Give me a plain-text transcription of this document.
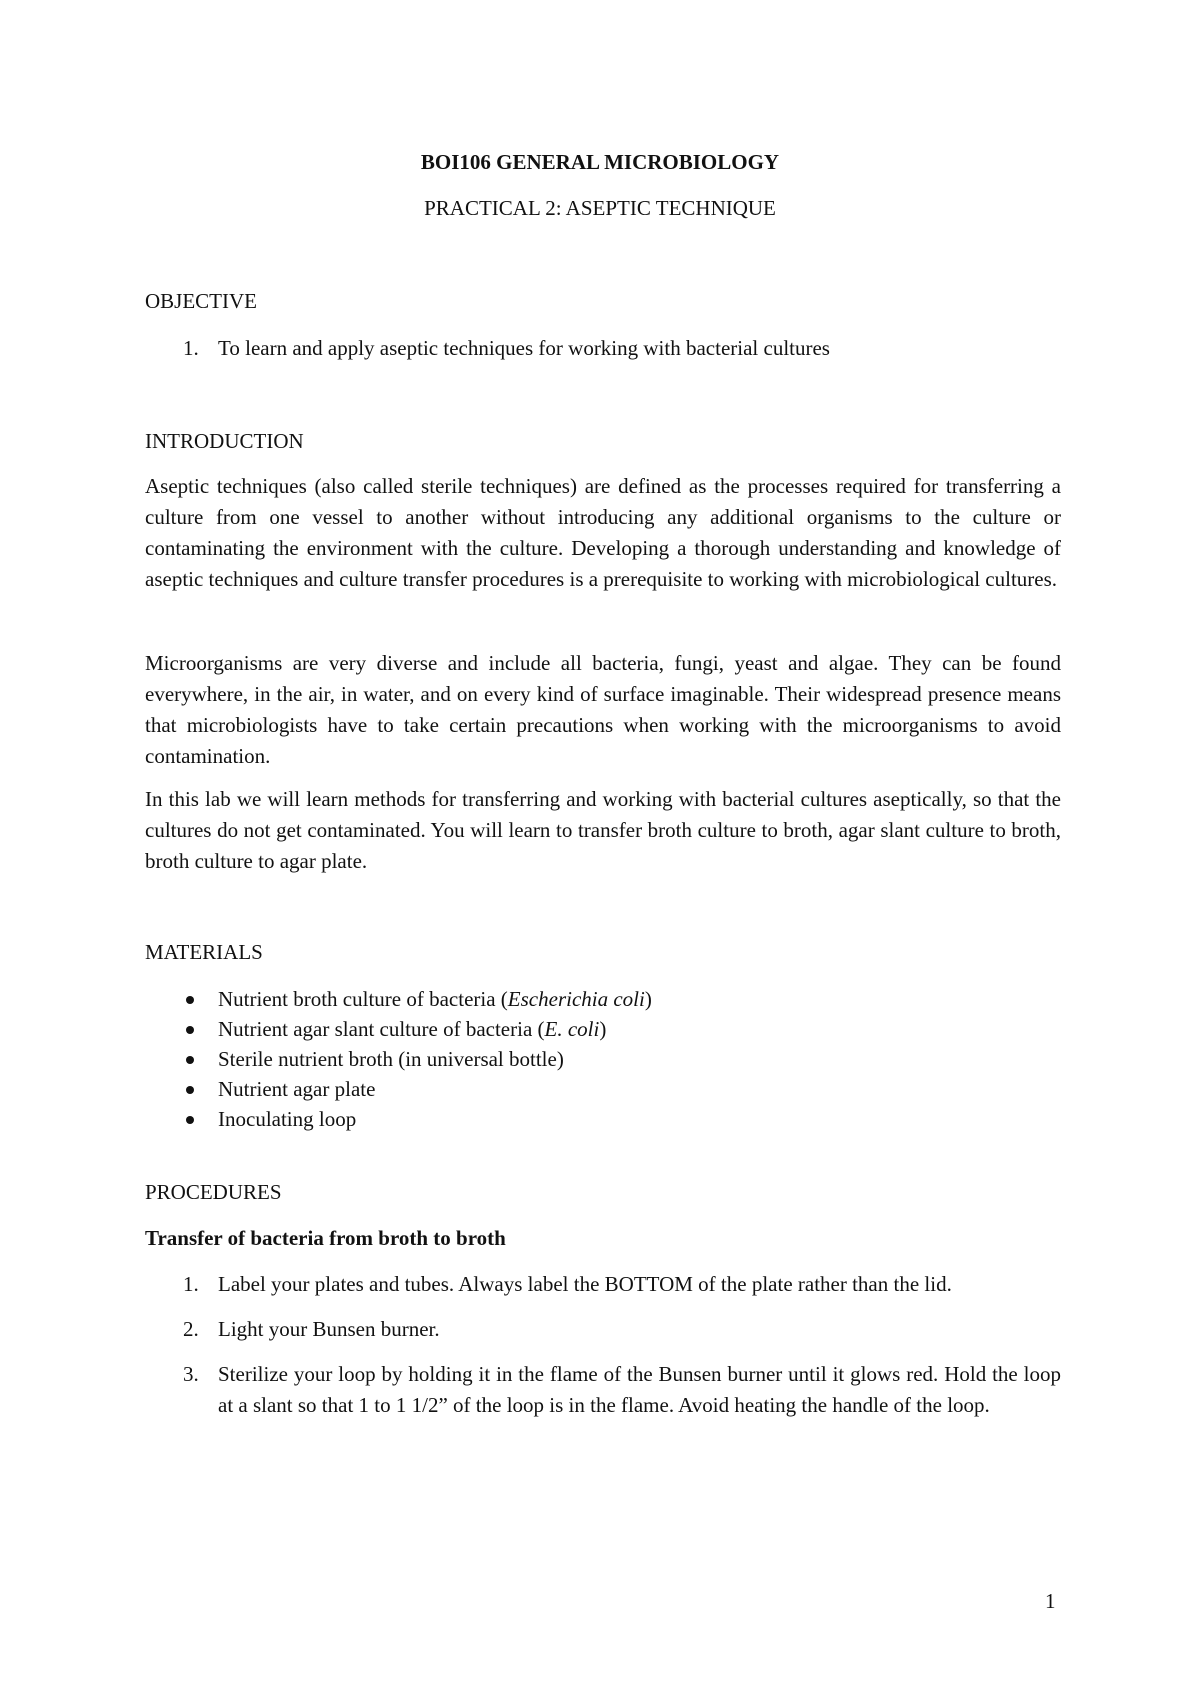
BOI106 GENERAL MICROBIOLOGY
PRACTICAL 2: ASEPTIC TECHNIQUE
OBJECTIVE
1. To learn and apply aseptic techniques for working with bacterial cultures
INTRODUCTION
Aseptic techniques (also called sterile techniques) are defined as the processes required for transferring a culture from one vessel to another without introducing any additional organisms to the culture or contaminating the environment with the culture. Developing a thorough understanding and knowledge of aseptic techniques and culture transfer procedures is a prerequisite to working with microbiological cultures.
Microorganisms are very diverse and include all bacteria, fungi, yeast and algae. They can be found everywhere, in the air, in water, and on every kind of surface imaginable. Their widespread presence means that microbiologists have to take certain precautions when working with the microorganisms to avoid contamination.
In this lab we will learn methods for transferring and working with bacterial cultures aseptically, so that the cultures do not get contaminated. You will learn to transfer broth culture to broth, agar slant culture to broth, broth culture to agar plate.
MATERIALS
Nutrient broth culture of bacteria (Escherichia coli)
Nutrient agar slant culture of bacteria (E. coli)
Sterile nutrient broth (in universal bottle)
Nutrient agar plate
Inoculating loop
PROCEDURES
Transfer of bacteria from broth to broth
1. Label your plates and tubes. Always label the BOTTOM of the plate rather than the lid.
2. Light your Bunsen burner.
3. Sterilize your loop by holding it in the flame of the Bunsen burner until it glows red. Hold the loop at a slant so that 1 to 1 1/2” of the loop is in the flame. Avoid heating the handle of the loop.
1
